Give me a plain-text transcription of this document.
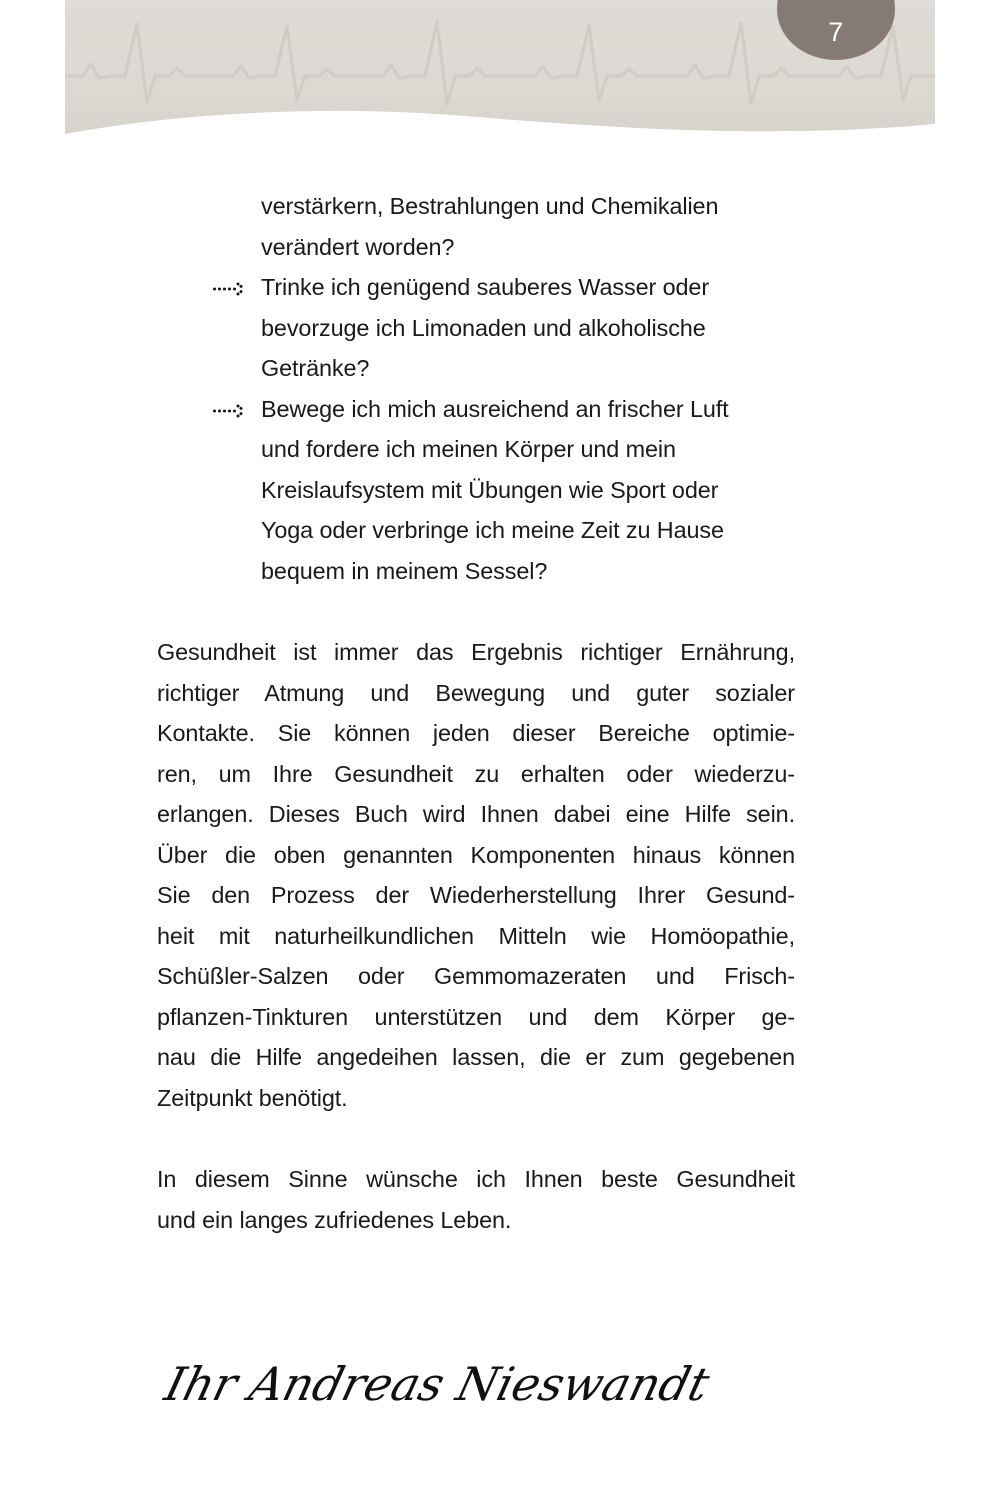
7
verstärkern, Bestrahlungen und Chemikalien
verändert worden?
Trinke ich genügend sauberes Wasser oder
bevorzuge ich Limonaden und alkoholische
Getränke?
Bewege ich mich ausreichend an frischer Luft
und fordere ich meinen Körper und mein
Kreislaufsystem mit Übungen wie Sport oder
Yoga oder verbringe ich meine Zeit zu Hause
bequem in meinem Sessel?
Gesundheit ist immer das Ergebnis richtiger Ernährung,
richtiger Atmung und Bewegung und guter sozialer
Kontakte. Sie können jeden dieser Bereiche optimie-
ren, um Ihre Gesundheit zu erhalten oder wiederzu-
erlangen. Dieses Buch wird Ihnen dabei eine Hilfe sein.
Über die oben genannten Komponenten hinaus können
Sie den Prozess der Wiederherstellung Ihrer Gesund-
heit mit naturheilkundlichen Mitteln wie Homöopathie,
Schüßler-Salzen oder Gemmomazeraten und Frisch-
pflanzen-Tinkturen unterstützen und dem Körper ge-
nau die Hilfe angedeihen lassen, die er zum gegebenen
Zeitpunkt benötigt.
In diesem Sinne wünsche ich Ihnen beste Gesundheit
und ein langes zufriedenes Leben.
Ihr Andreas Nieswandt
